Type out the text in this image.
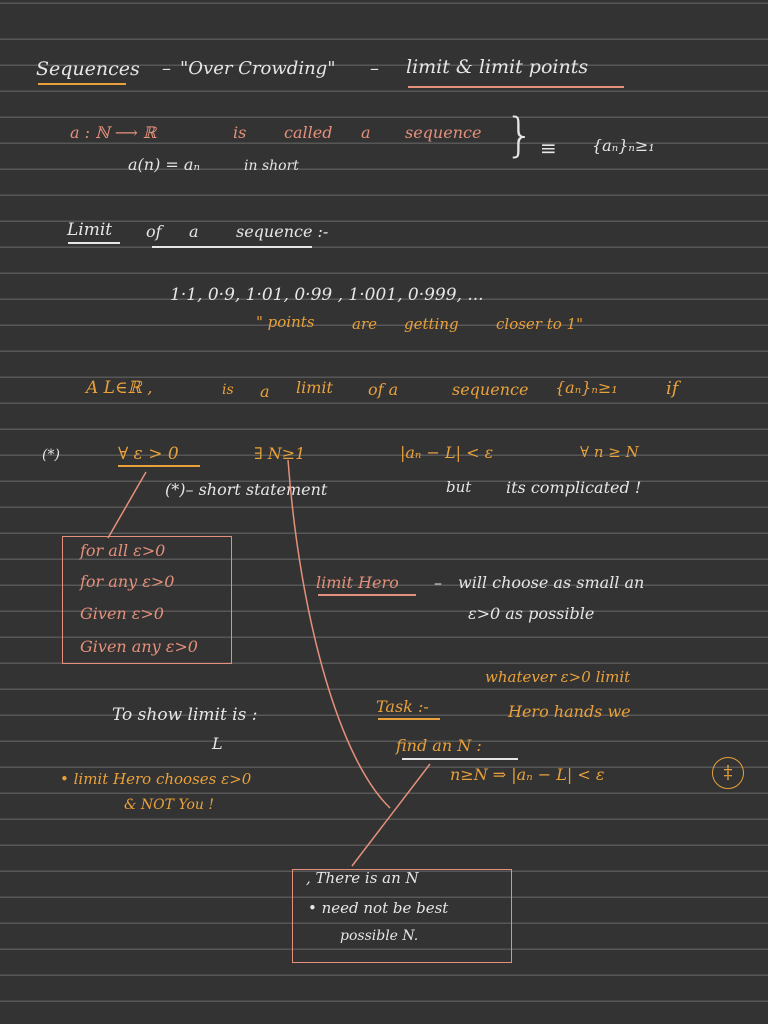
Sequences – "Over Crowding" – limit & limit points
a : ℕ ⟶ ℝ	is called a sequence } ≡ {aₙ}ₙ≥₁
a(n) = aₙ	in short
Limit of a sequence :-
1·1, 0·9, 1·01, 0·99 , 1·001, 0·999, ...
" points	are getting closer to 1"
A L∈ℝ ,	is a limit of a	sequence {aₙ}ₙ≥₁	if
(*)	∀ ε > 0	∃ N≥1	|aₙ − L| < ε	∀ n ≥ N
(*)– short statement	but its complicated !
for all ε>0
for any ε>0
Given ε>0
Given any ε>0
limit Hero – will choose as small an
ε>0 as possible
whatever ε>0 limit
Task :-	Hero hands we
find an N :
n≥N ⇒ |aₙ − L| < ε	‡
To show limit is :
L
• limit Hero chooses ε>0
& NOT You !
, There is an N
• need not be best
possible N.
